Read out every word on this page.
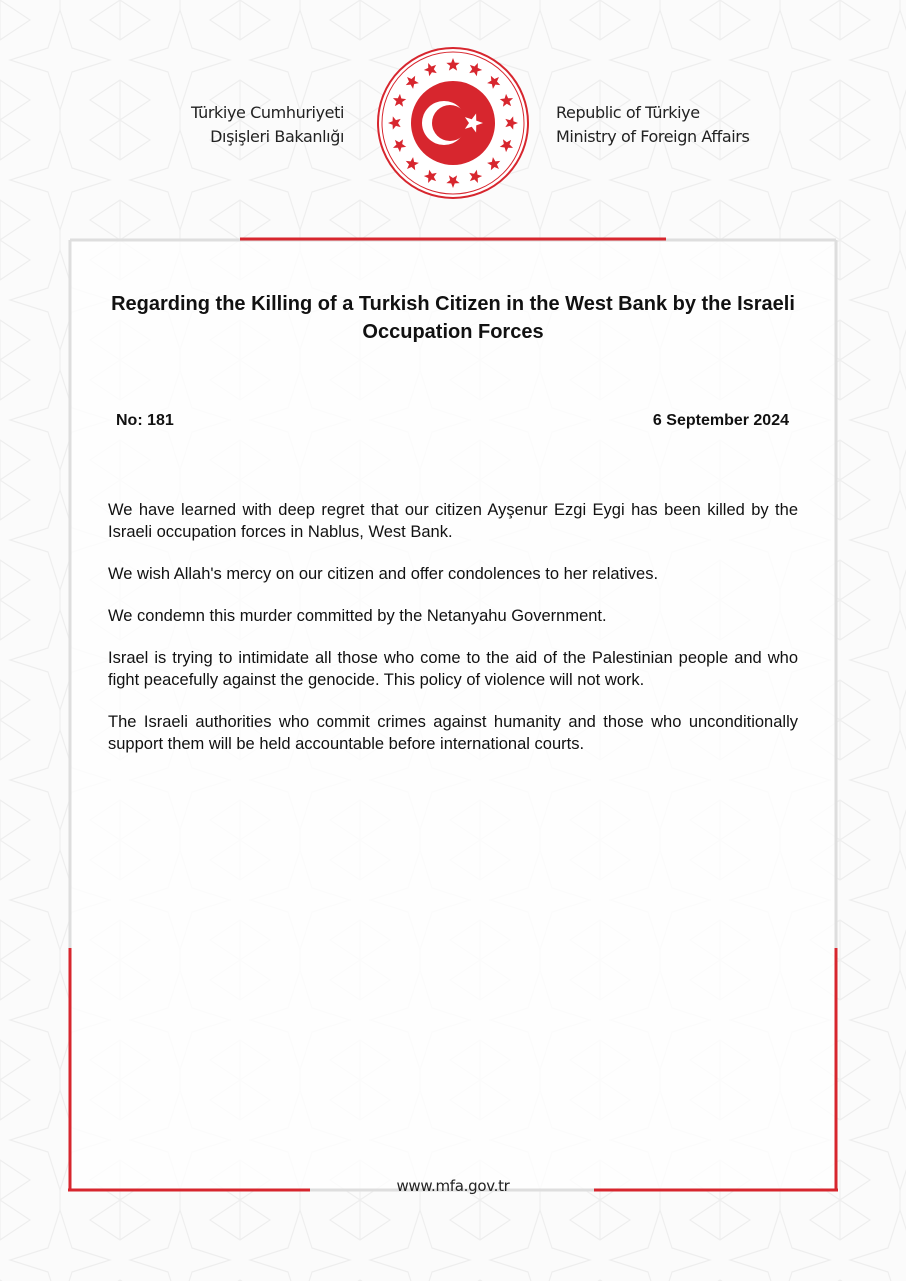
Türkiye Cumhuriyeti
Dışişleri Bakanlığı
Republic of Türkiye
Ministry of Foreign Affairs
Regarding the Killing of a Turkish Citizen in the West Bank by the Israeli Occupation Forces
No: 181	6 September 2024

We have learned with deep regret that our citizen Ayşenur Ezgi Eygi has been killed by the Israeli occupation forces in Nablus, West Bank.

We wish Allah's mercy on our citizen and offer condolences to her relatives.

We condemn this murder committed by the Netanyahu Government.

Israel is trying to intimidate all those who come to the aid of the Palestinian people and who fight peacefully against the genocide. This policy of violence will not work.

The Israeli authorities who commit crimes against humanity and those who unconditionally support them will be held accountable before international courts.

www.mfa.gov.tr
